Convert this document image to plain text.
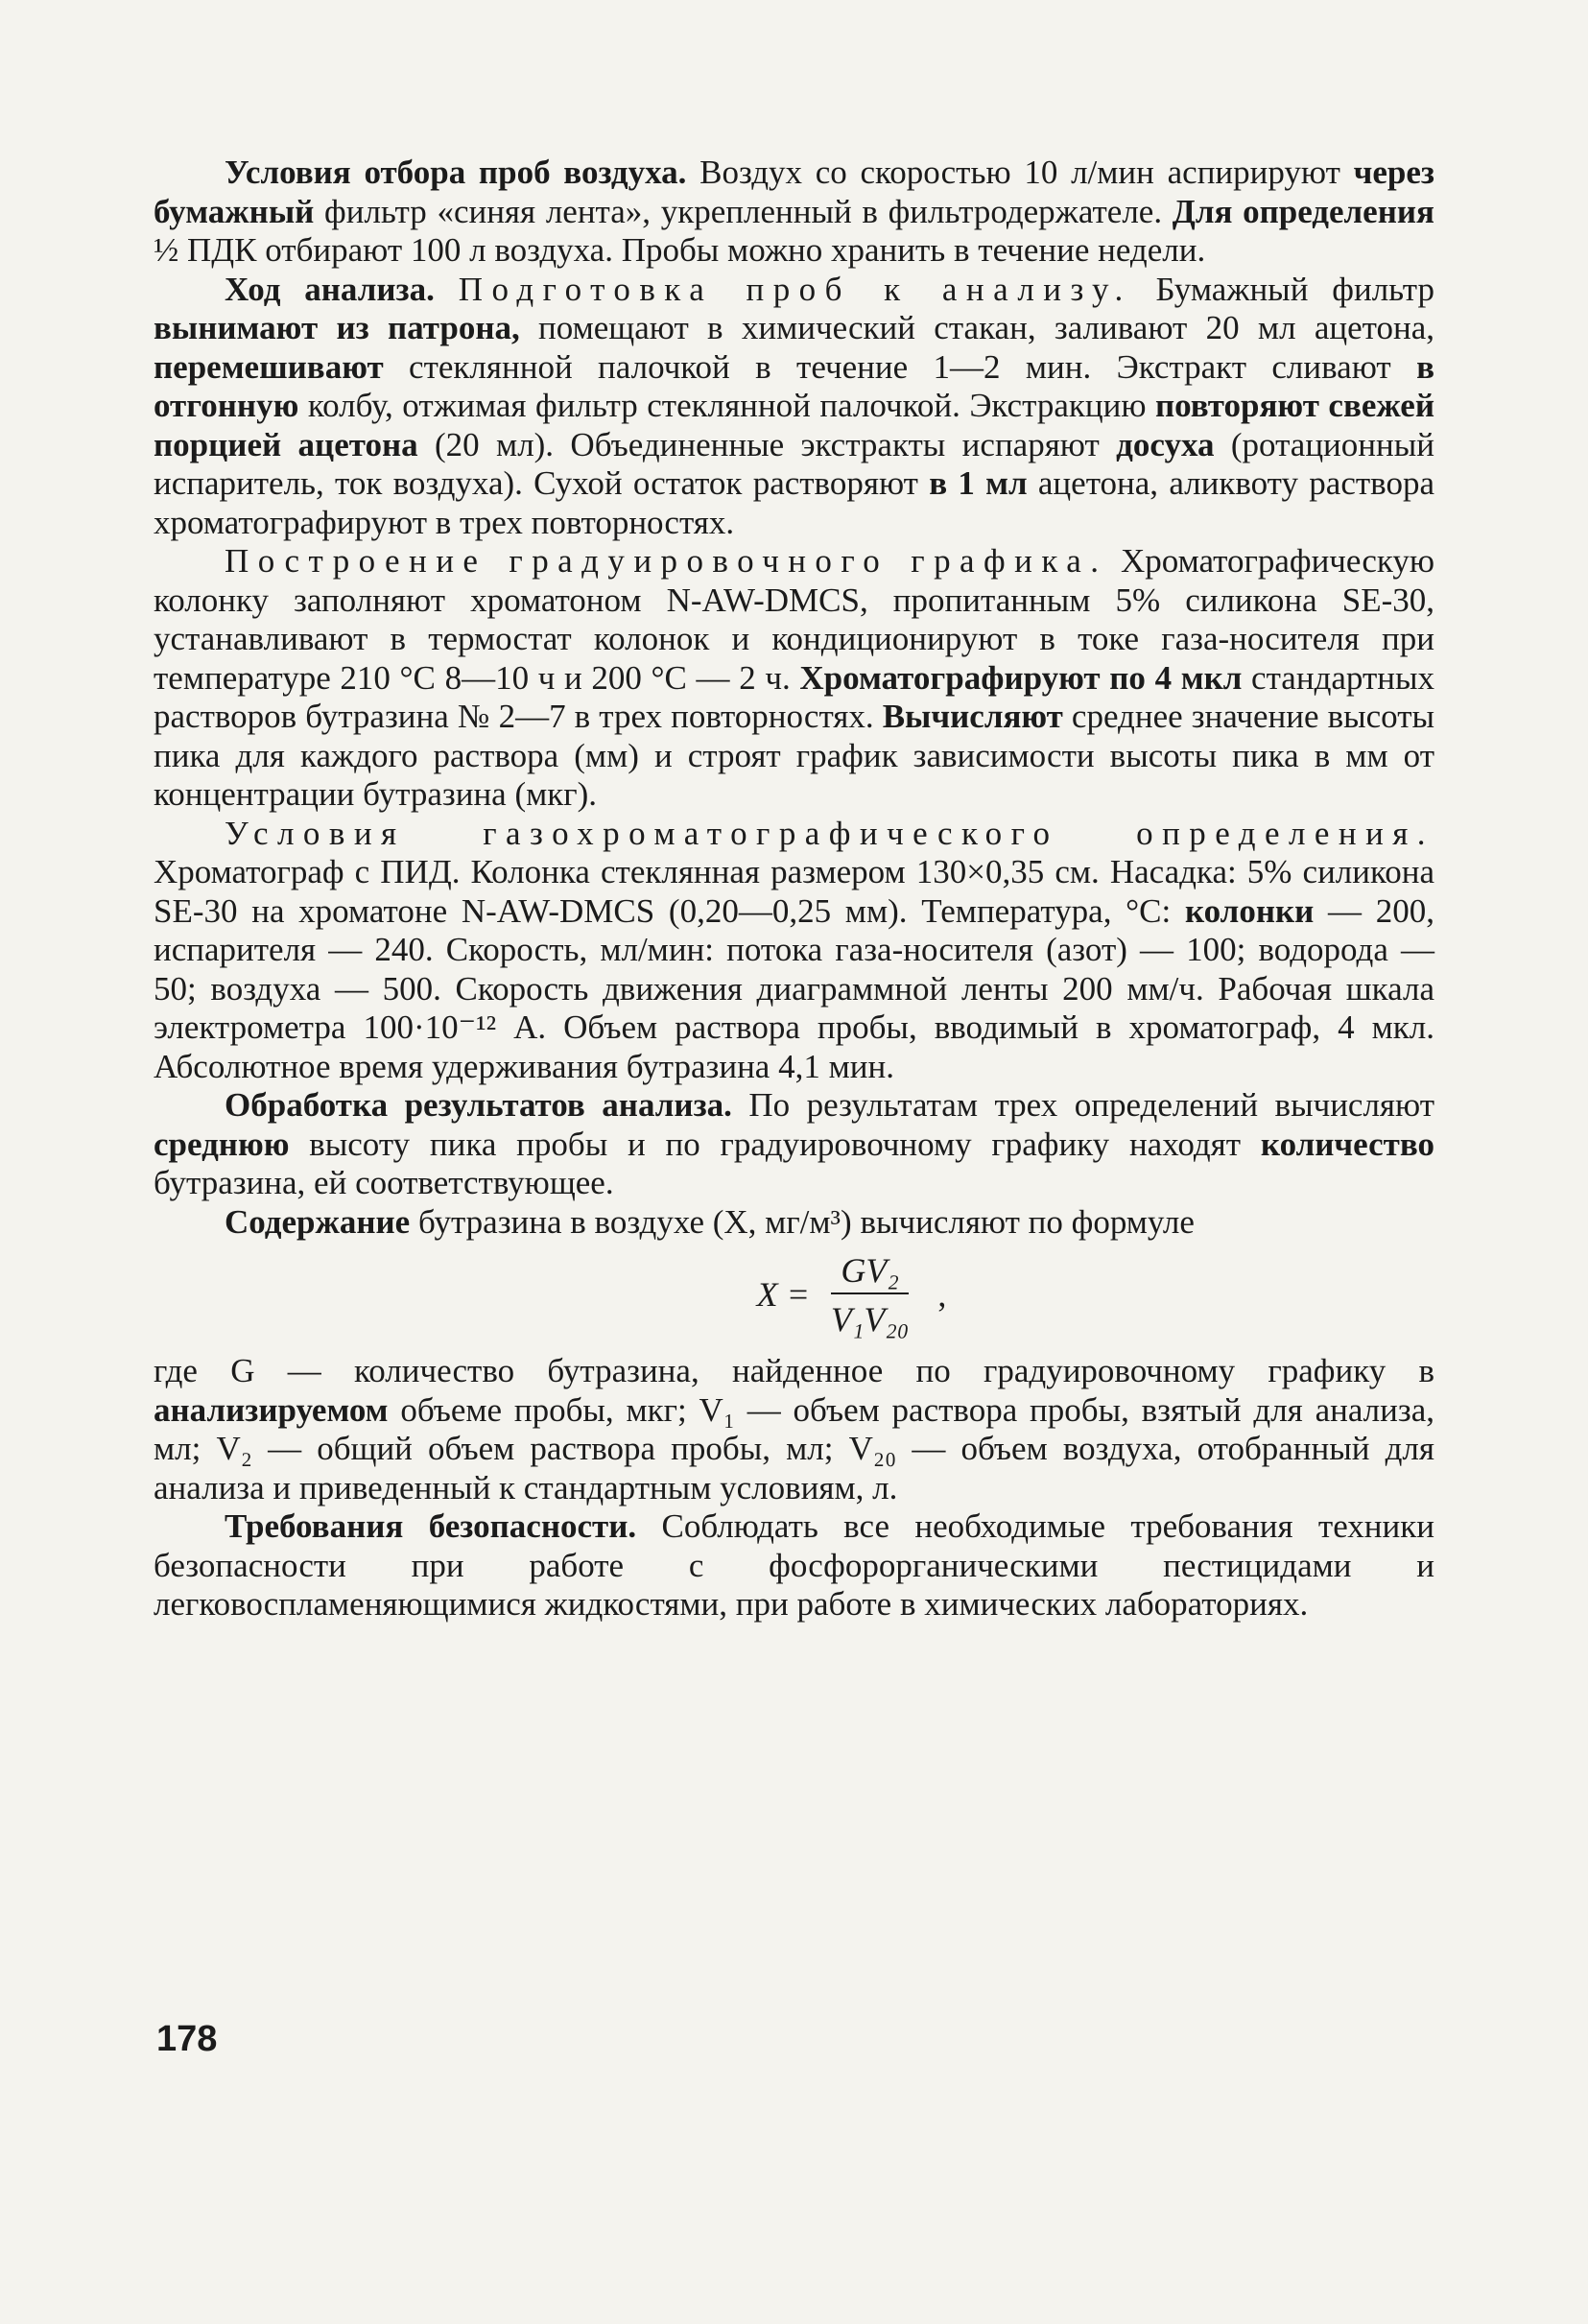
Условия отбора проб воздуха. Воздух со скоростью 10 л/мин аспирируют через бумажный фильтр «синяя лента», укрепленный в фильтродержателе. Для определения ½ ПДК отбирают 100 л воздуха. Пробы можно хранить в течение недели.

Ход анализа. Подготовка проб к анализу. Бумажный фильтр вынимают из патрона, помещают в химический стакан, заливают 20 мл ацетона, перемешивают стеклянной палочкой в течение 1—2 мин. Экстракт сливают в отгонную колбу, отжимая фильтр стеклянной палочкой. Экстракцию повторяют свежей порцией ацетона (20 мл). Объединенные экстракты испаряют досуха (ротационный испаритель, ток воздуха). Сухой остаток растворяют в 1 мл ацетона, аликвоту раствора хроматографируют в трех повторностях.

Построение градуировочного графика. Хроматографическую колонку заполняют хроматоном N-AW-DMCS, пропитанным 5% силикона SE-30, устанавливают в термостат колонок и кондиционируют в токе газа-носителя при температуре 210 °С 8—10 ч и 200 °С — 2 ч. Хроматографируют по 4 мкл стандартных растворов бутразина № 2—7 в трех повторностях. Вычисляют среднее значение высоты пика для каждого раствора (мм) и строят график зависимости высоты пика в мм от концентрации бутразина (мкг).

Условия газохроматографического определения. Хроматограф с ПИД. Колонка стеклянная размером 130×0,35 см. Насадка: 5% силикона SE-30 на хроматоне N-AW-DMCS (0,20—0,25 мм). Температура, °С: колонки — 200, испарителя — 240. Скорость, мл/мин: потока газа-носителя (азот) — 100; водорода — 50; воздуха — 500. Скорость движения диаграммной ленты 200 мм/ч. Рабочая шкала электрометра 100·10⁻¹² А. Объем раствора пробы, вводимый в хроматограф, 4 мкл. Абсолютное время удерживания бутразина 4,1 мин.

Обработка результатов анализа. По результатам трех определений вычисляют среднюю высоту пика пробы и по градуировочному графику находят количество бутразина, ей соответствующее.

Содержание бутразина в воздухе (X, мг/м³) вычисляют по формуле

$X = \frac{\text{GV₂}}{\text{V₁V₂₀}}$ ,

где G — количество бутразина, найденное по градуировочному графику в анализируемом объеме пробы, мкг; V₁ — объем раствора пробы, взятый для анализа, мл; V₂ — общий объем раствора пробы, мл; V₂₀ — объем воздуха, отобранный для анализа и приведенный к стандартным условиям, л.

Требования безопасности. Соблюдать все необходимые требования техники безопасности при работе с фосфорорганическими пестицидами и легковоспламеняющимися жидкостями, при работе в химических лабораториях.

178
